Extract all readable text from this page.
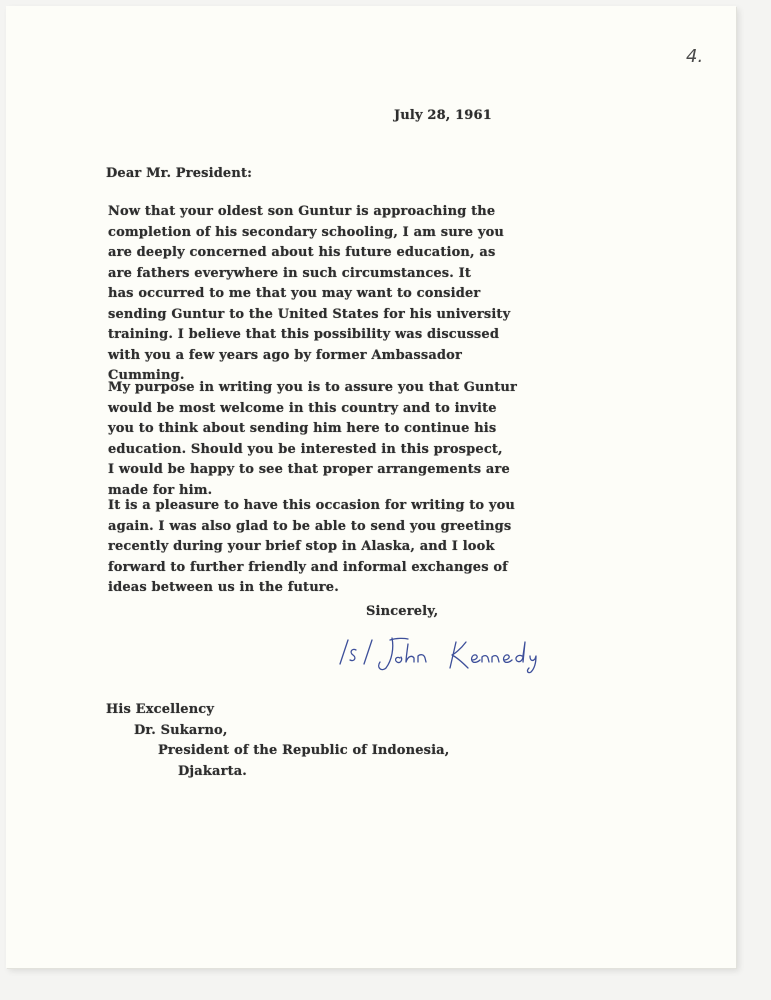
4.
July 28, 1961
Dear Mr. President:
Now that your oldest son Guntur is approaching the
completion of his secondary schooling, I am sure you
are deeply concerned about his future education, as
are fathers everywhere in such circumstances. It
has occurred to me that you may want to consider
sending Guntur to the United States for his university
training. I believe that this possibility was discussed
with you a few years ago by former Ambassador
Cumming.
My purpose in writing you is to assure you that Guntur
would be most welcome in this country and to invite
you to think about sending him here to continue his
education. Should you be interested in this prospect,
I would be happy to see that proper arrangements are
made for him.
It is a pleasure to have this occasion for writing to you
again. I was also glad to be able to send you greetings
recently during your brief stop in Alaska, and I look
forward to further friendly and informal exchanges of
ideas between us in the future.
Sincerely,
His Excellency
Dr. Sukarno,
President of the Republic of Indonesia,
Djakarta.
